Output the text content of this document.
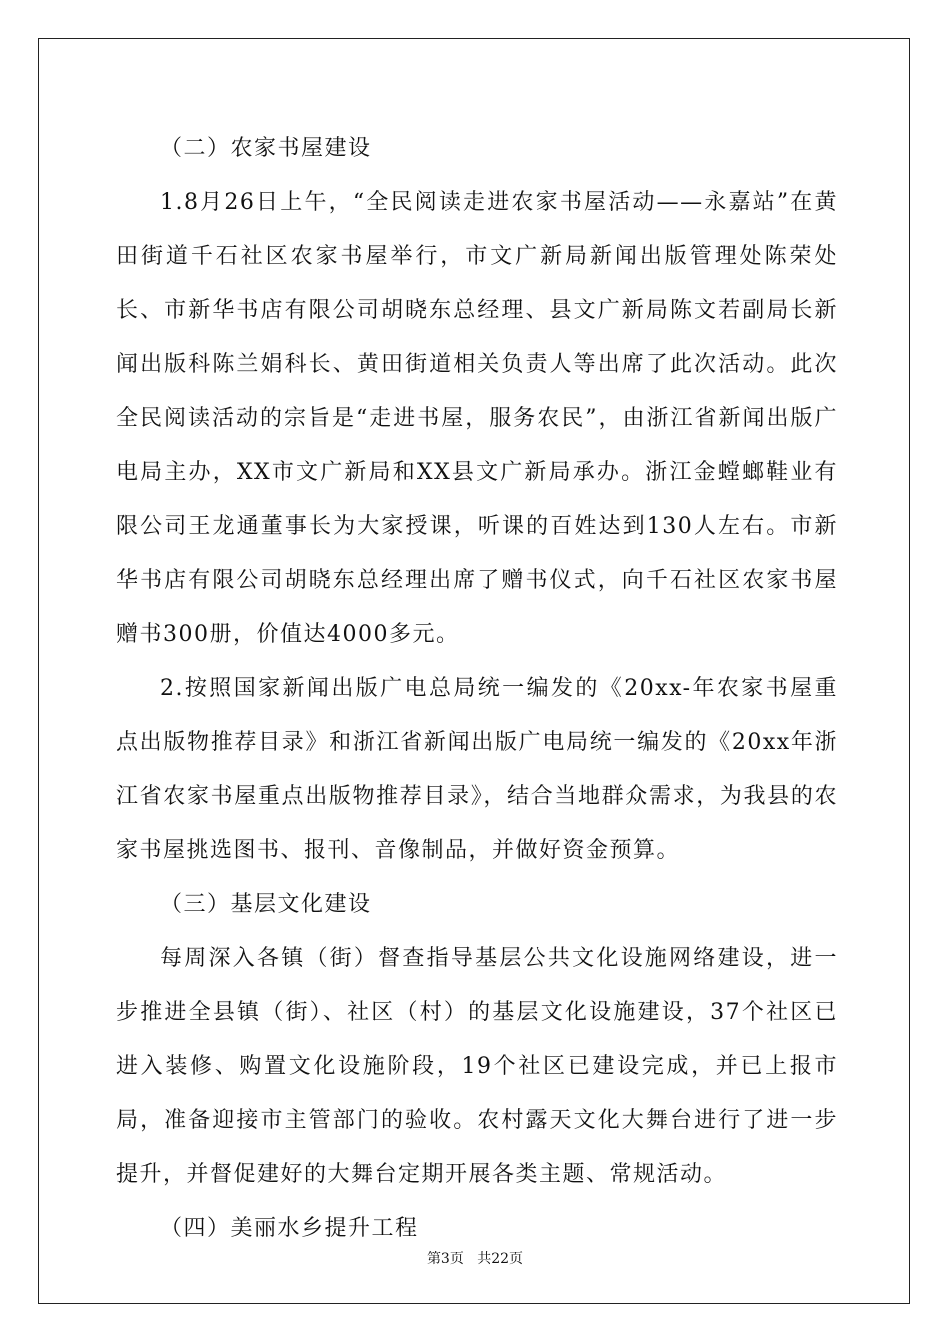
（二）农家书屋建设

1.8月26日上午，“全民阅读走进农家书屋活动——永嘉站”在黄田街道千石社区农家书屋举行，市文广新局新闻出版管理处陈荣处长、市新华书店有限公司胡晓东总经理、县文广新局陈文若副局长新闻出版科陈兰娟科长、黄田街道相关负责人等出席了此次活动。此次全民阅读活动的宗旨是“走进书屋，服务农民”，由浙江省新闻出版广电局主办，XX市文广新局和XX县文广新局承办。浙江金螳螂鞋业有限公司王龙通董事长为大家授课，听课的百姓达到130人左右。市新华书店有限公司胡晓东总经理出席了赠书仪式，向千石社区农家书屋赠书300册，价值达4000多元。

2.按照国家新闻出版广电总局统一编发的《20xx-年农家书屋重点出版物推荐目录》和浙江省新闻出版广电局统一编发的《20xx年浙江省农家书屋重点出版物推荐目录》，结合当地群众需求，为我县的农家书屋挑选图书、报刊、音像制品，并做好资金预算。

（三）基层文化建设

每周深入各镇（街）督查指导基层公共文化设施网络建设，进一步推进全县镇（街）、社区（村）的基层文化设施建设，37个社区已进入装修、购置文化设施阶段，19个社区已建设完成，并已上报市局，准备迎接市主管部门的验收。农村露天文化大舞台进行了进一步提升，并督促建好的大舞台定期开展各类主题、常规活动。

（四）美丽水乡提升工程
第3页 共22页
